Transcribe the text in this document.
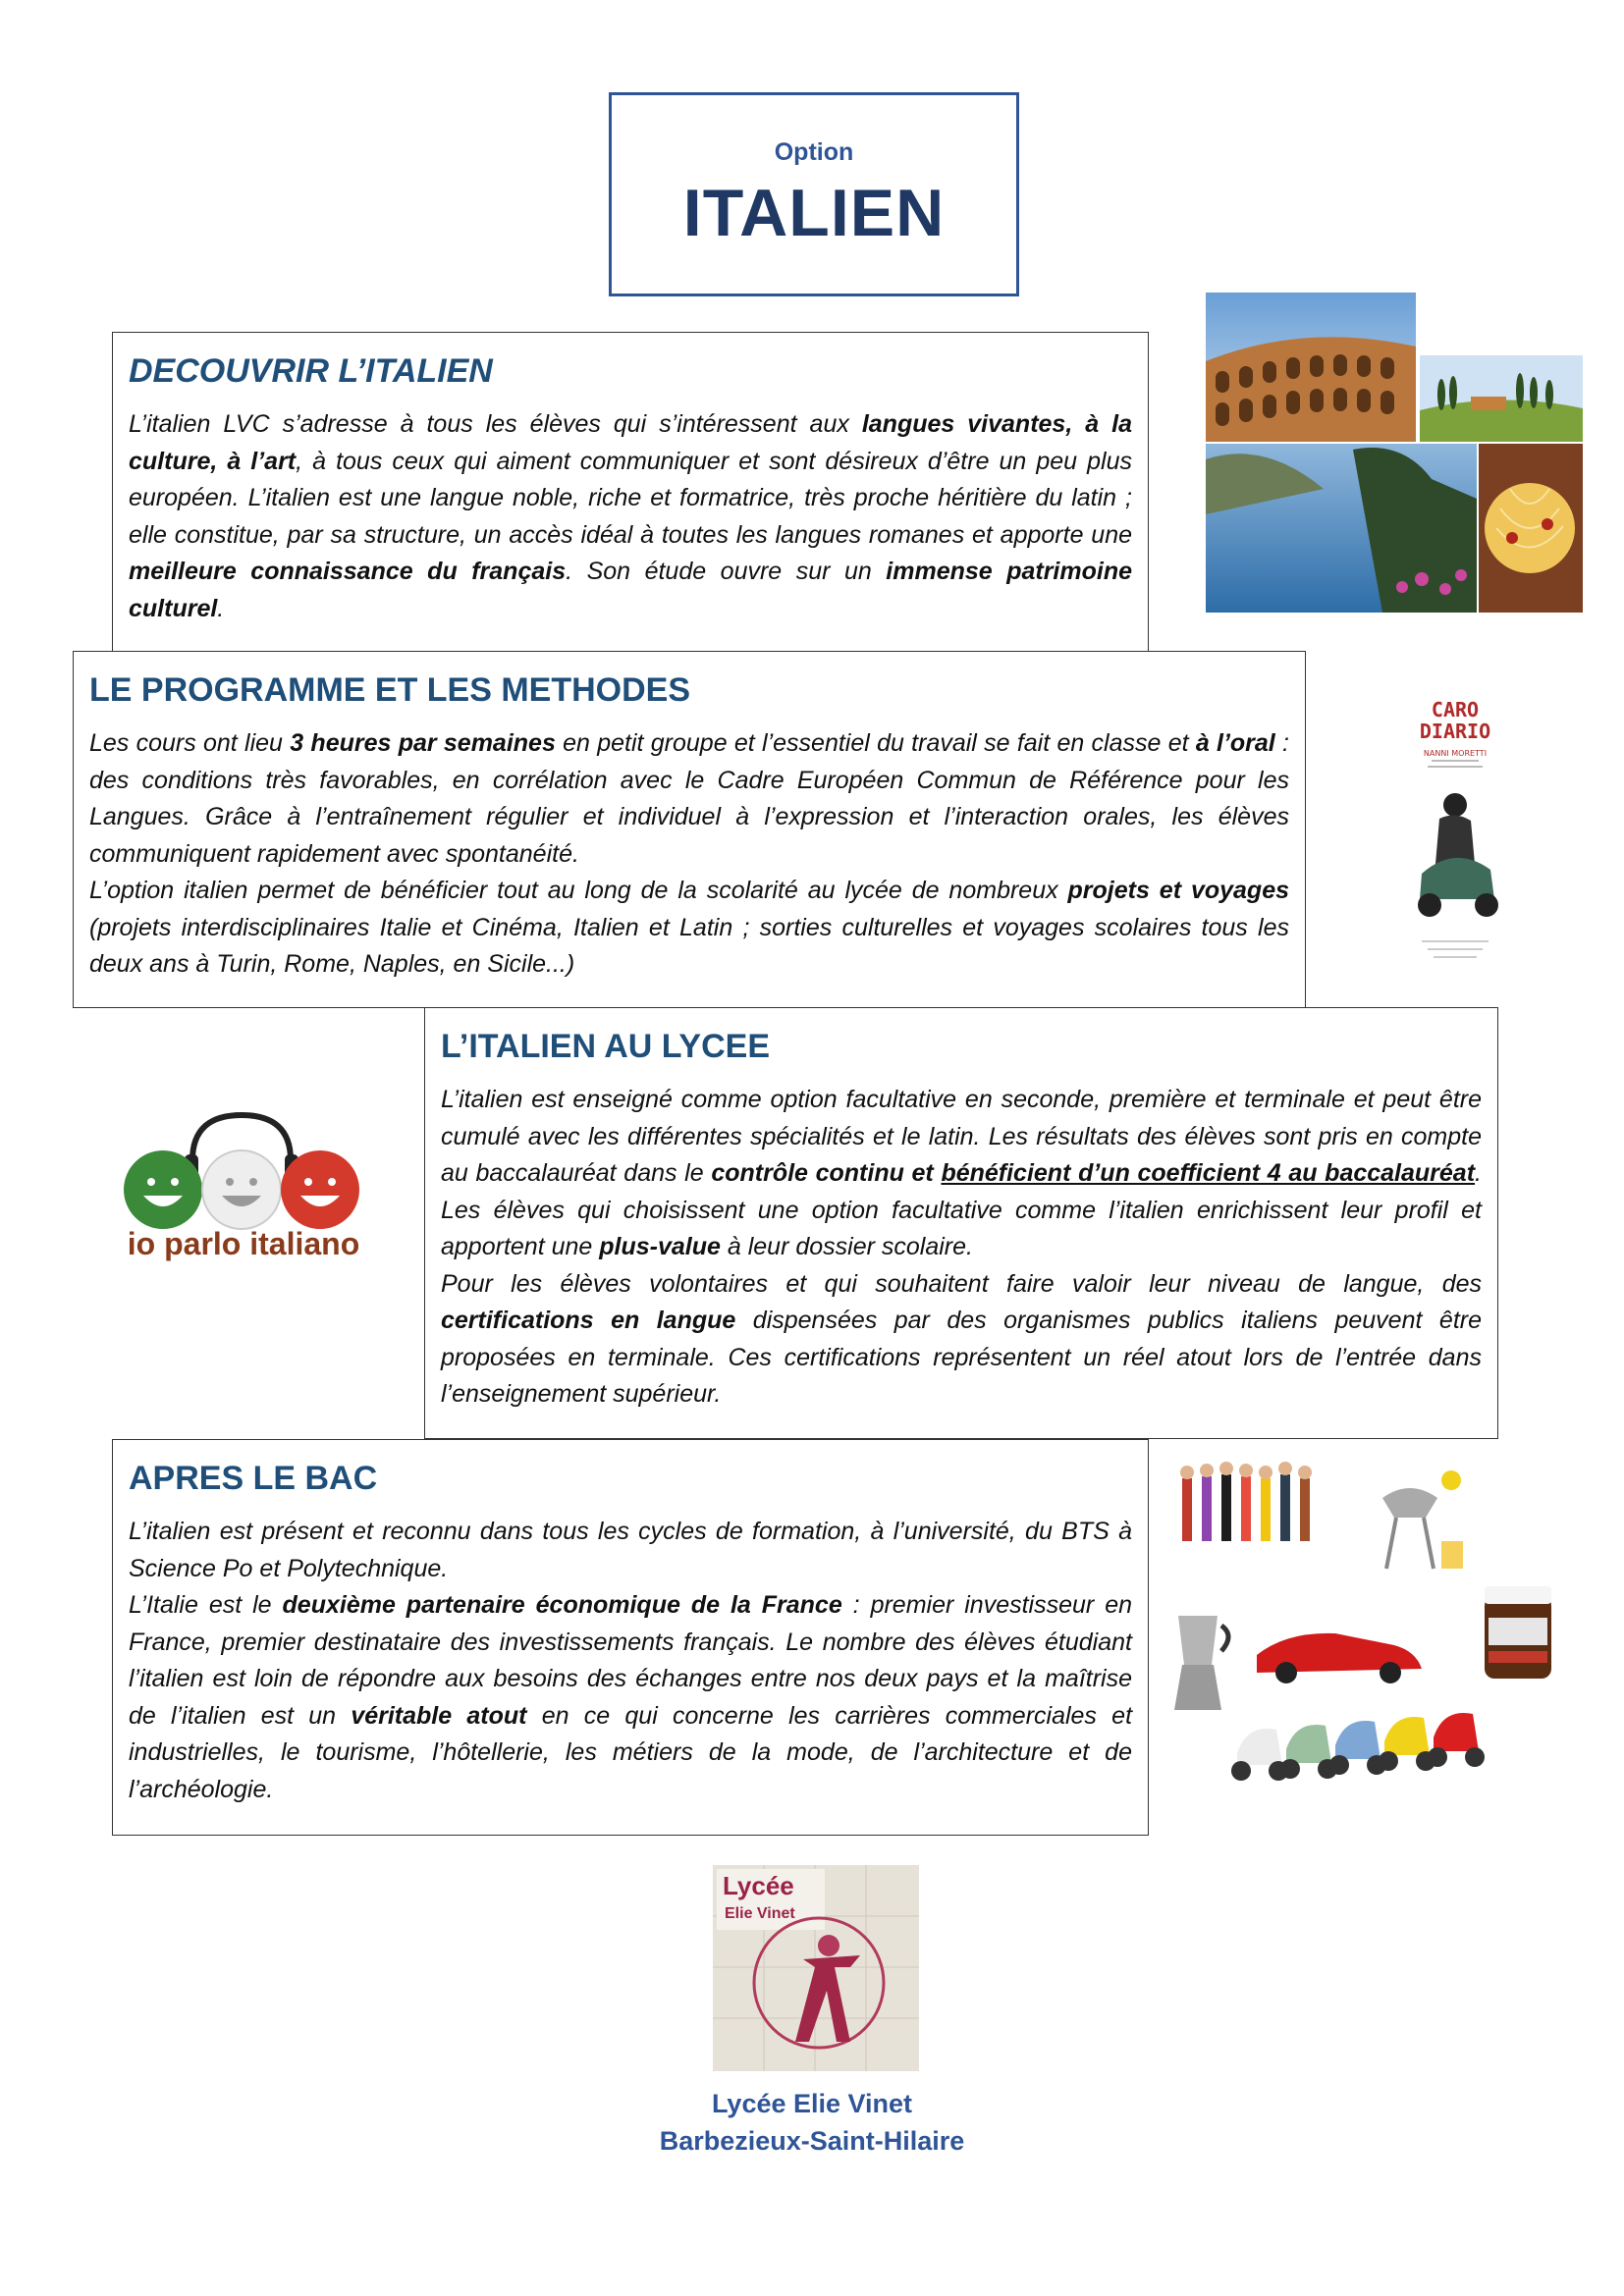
Option
ITALIEN
DECOUVRIR L’ITALIEN

L’italien LVC s’adresse à tous les élèves qui s’intéressent aux langues vivantes, à la culture, à l’art, à tous ceux qui aiment communiquer et sont désireux d’être un peu plus européen. L’italien est une langue noble, riche et formatrice, très proche héritière du latin ; elle constitue, par sa structure, un accès idéal à toutes les langues romanes et apporte une meilleure connaissance du français. Son étude ouvre sur un immense patrimoine culturel.

LE PROGRAMME ET LES METHODES

Les cours ont lieu 3 heures par semaines en petit groupe et l’essentiel du travail se fait en classe et à l’oral : des conditions très favorables, en corrélation avec le Cadre Européen Commun de Référence pour les Langues. Grâce à l’entraînement régulier et individuel à l’expression et l’interaction orales, les élèves communiquent rapidement avec spontanéité.

L’option italien permet de bénéficier tout au long de la scolarité au lycée de nombreux projets et voyages (projets interdisciplinaires Italie et Cinéma, Italien et Latin ; sorties culturelles et voyages scolaires tous les deux ans à Turin, Rome, Naples, en Sicile...)

CARO
DIARIO
NANNI MORETTI
io parlo italiano
L’ITALIEN AU LYCEE

L’italien est enseigné comme option facultative en seconde, première et terminale et peut être cumulé avec les différentes spécialités et le latin. Les résultats des élèves sont pris en compte au baccalauréat dans le contrôle continu et bénéficient d’un coefficient 4 au baccalauréat. Les élèves qui choisissent une option facultative comme l’italien enrichissent leur profil et apportent une plus-value à leur dossier scolaire.

Pour les élèves volontaires et qui souhaitent faire valoir leur niveau de langue, des certifications en langue dispensées par des organismes publics italiens peuvent être proposées en terminale. Ces certifications représentent un réel atout lors de l’entrée dans l’enseignement supérieur.

APRES LE BAC

L’italien est présent et reconnu dans tous les cycles de formation, à l’université, du BTS à Science Po et Polytechnique.

L’Italie est le deuxième partenaire économique de la France : premier investisseur en France, premier destinataire des investissements français. Le nombre des élèves étudiant l’italien est loin de répondre aux besoins des échanges entre nos deux pays et la maîtrise de l’italien est un véritable atout en ce qui concerne les carrières commerciales et industrielles, le tourisme, l’hôtellerie, les métiers de la mode, de l’architecture et de l’archéologie.

Lycée
Elie Vinet
Lycée Elie Vinet
Barbezieux-Saint-Hilaire
